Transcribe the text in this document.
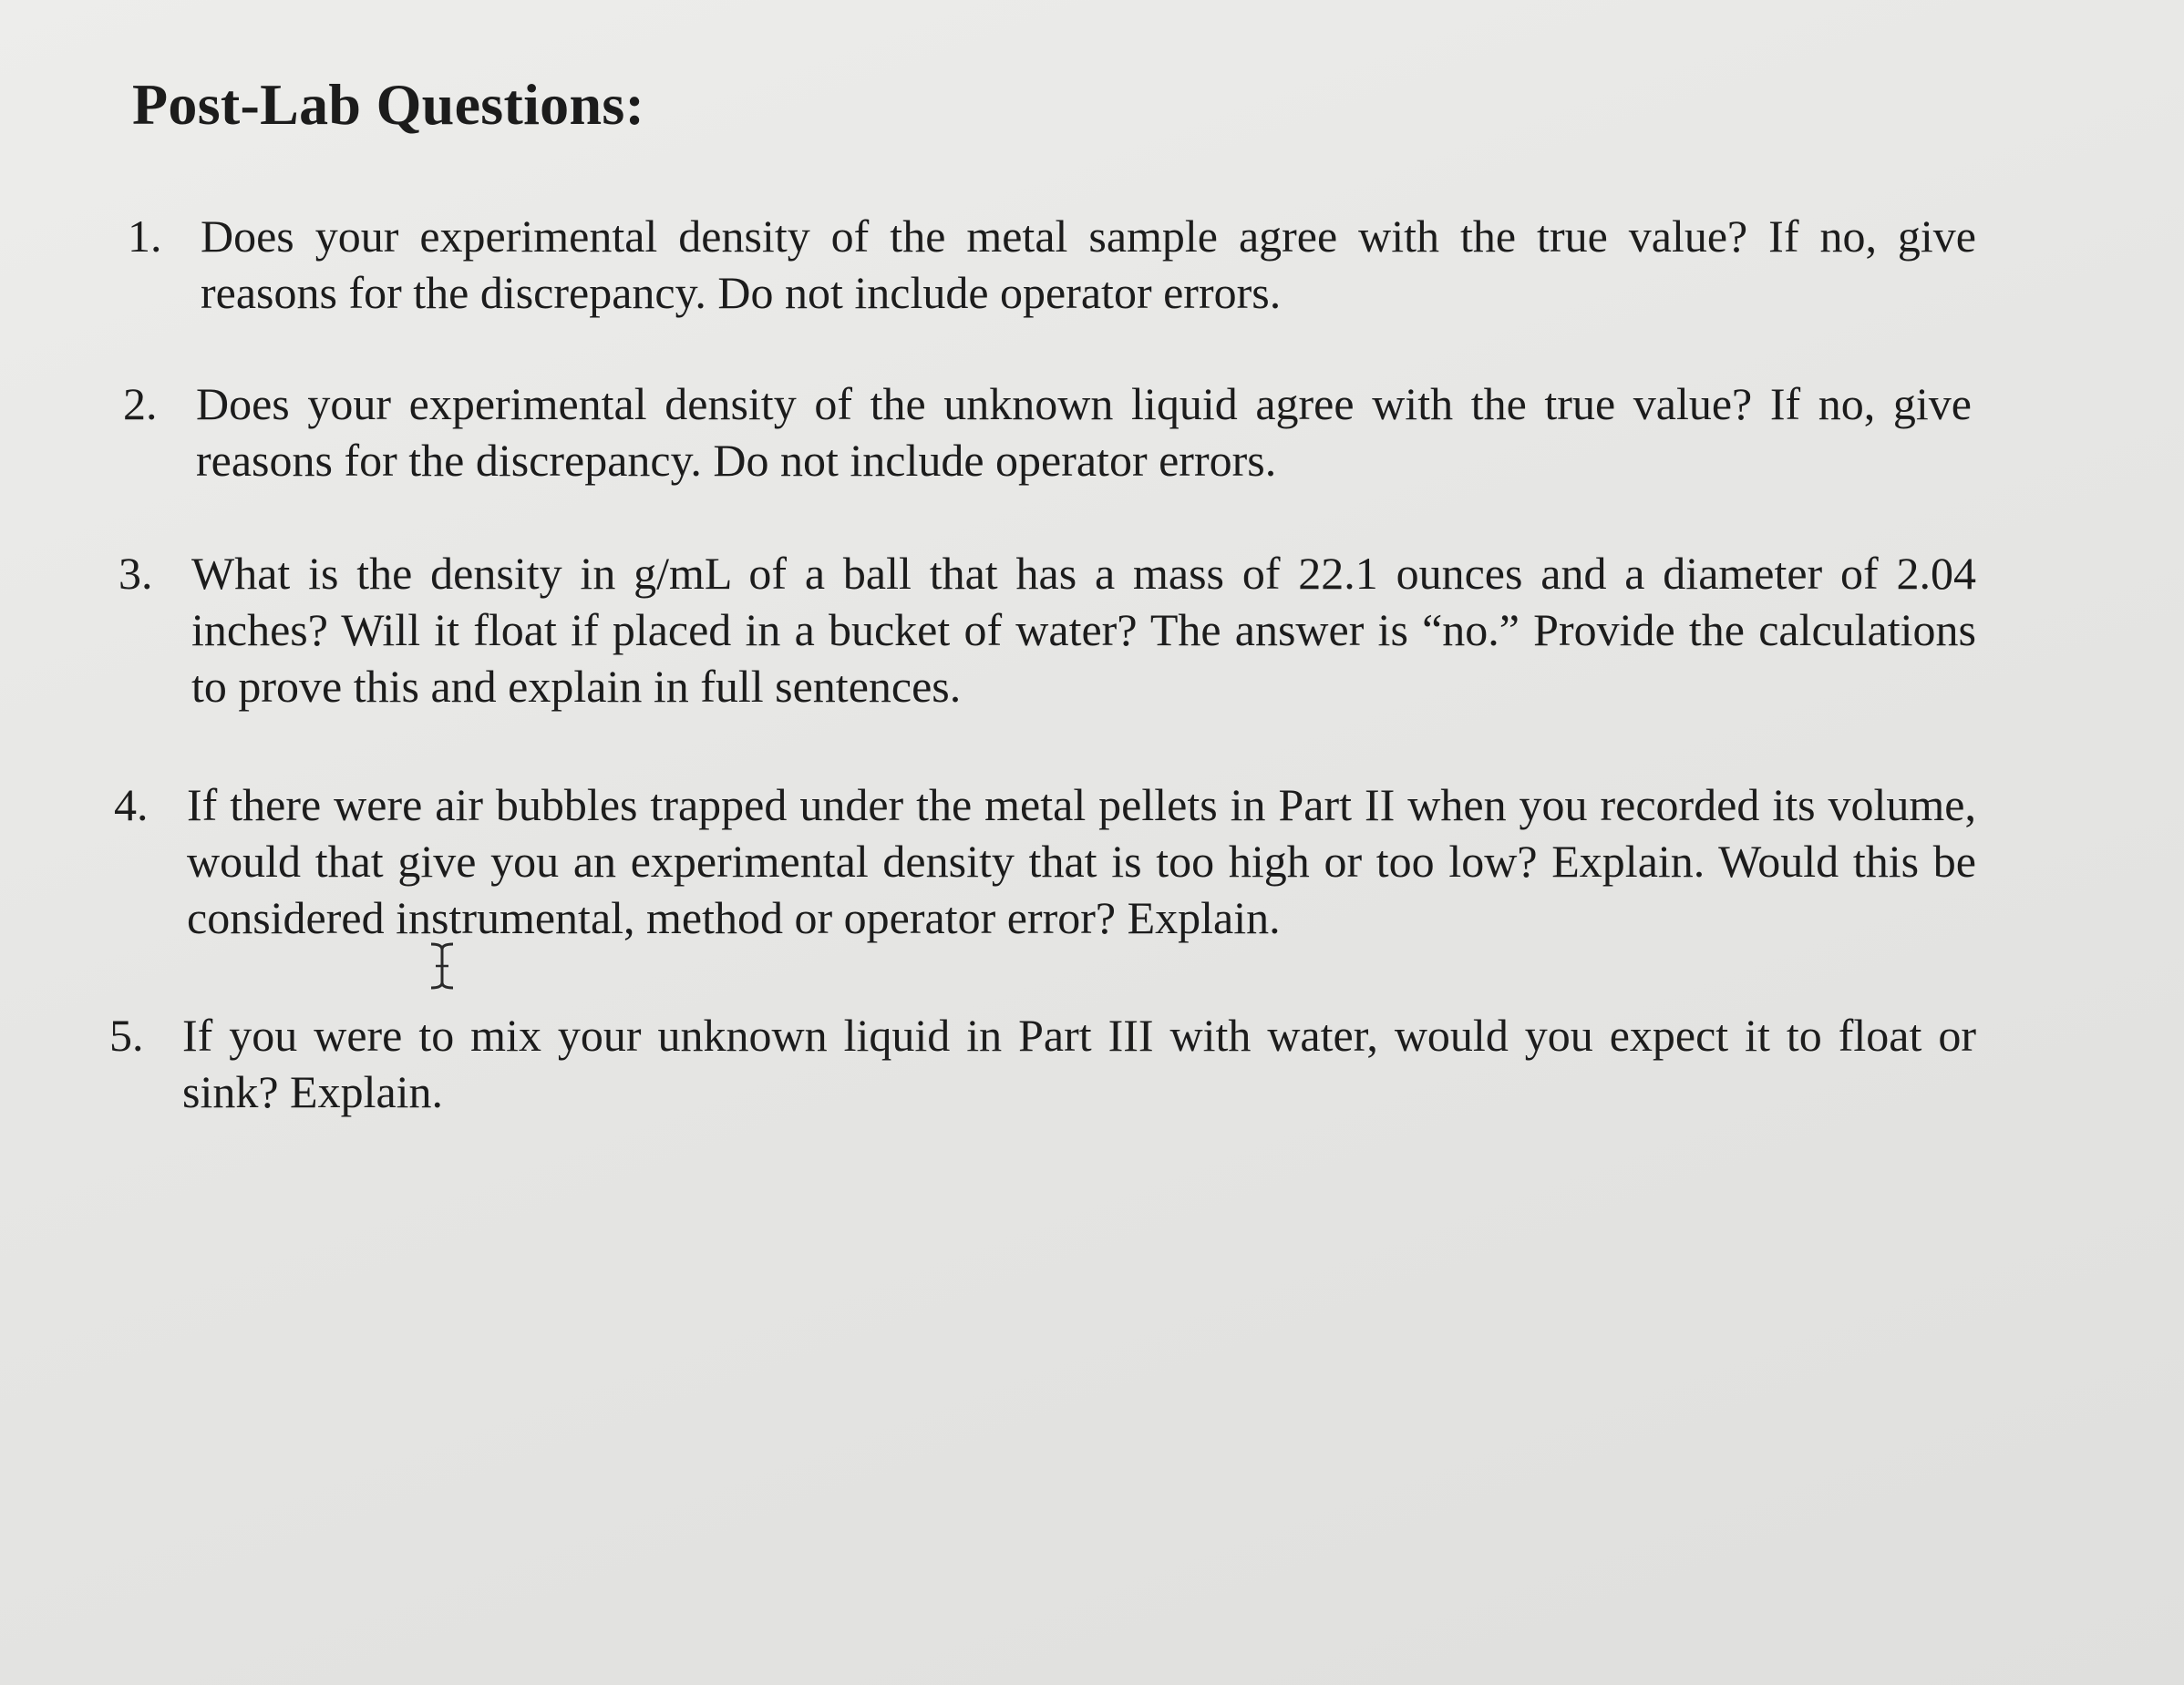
Post-Lab Questions:
1. Does your experimental density of the metal sample agree with the true value? If no, give reasons for the discrepancy. Do not include operator errors.
2. Does your experimental density of the unknown liquid agree with the true value? If no, give reasons for the discrepancy. Do not include operator errors.
3. What is the density in g/mL of a ball that has a mass of 22.1 ounces and a diameter of 2.04 inches? Will it float if placed in a bucket of water? The answer is “no.” Provide the calculations to prove this and explain in full sentences.
4. If there were air bubbles trapped under the metal pellets in Part II when you recorded its volume, would that give you an experimental density that is too high or too low? Explain. Would this be considered instrumental, method or operator error? Explain.
5. If you were to mix your unknown liquid in Part III with water, would you expect it to float or sink? Explain.
